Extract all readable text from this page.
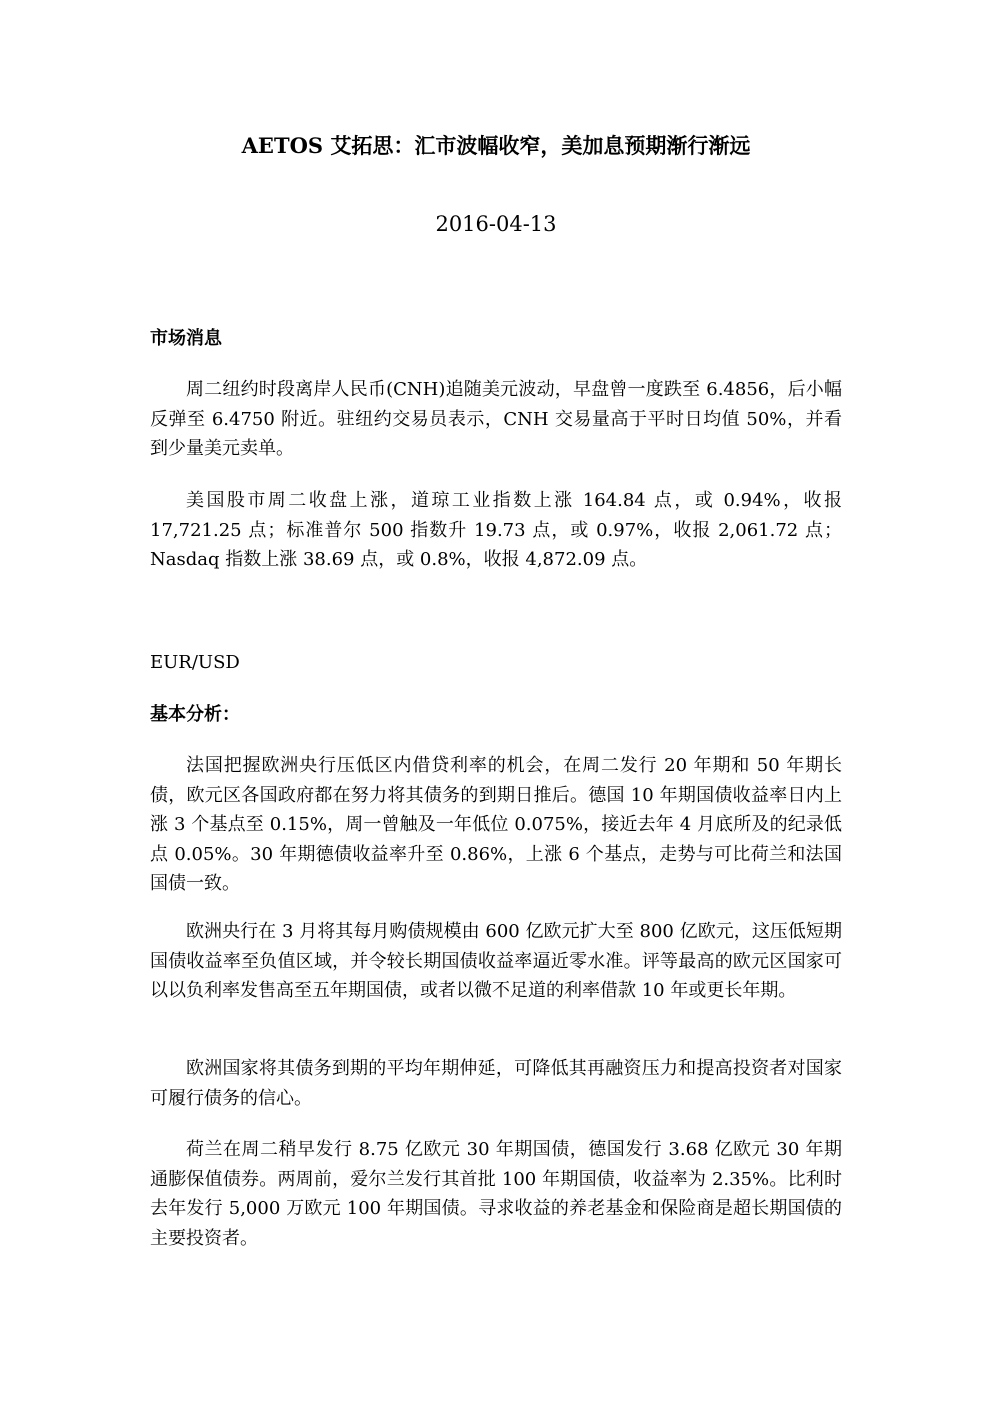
AETOS 艾拓思：汇市波幅收窄，美加息预期渐行渐远
2016-04-13
市场消息

周二纽约时段离岸人民币(CNH)追随美元波动，早盘曾一度跌至 6.4856，后小幅反弹至 6.4750 附近。驻纽约交易员表示，CNH 交易量高于平时日均值 50%，并看到少量美元卖单。

美国股市周二收盘上涨，道琼工业指数上涨 164.84 点，或 0.94%，收报 17,721.25 点；标准普尔 500 指数升 19.73 点，或 0.97%，收报 2,061.72 点；Nasdaq 指数上涨 38.69 点，或 0.8%，收报 4,872.09 点。

EUR/USD
基本分析：

法国把握欧洲央行压低区内借贷利率的机会，在周二发行 20 年期和 50 年期长债，欧元区各国政府都在努力将其债务的到期日推后。德国 10 年期国债收益率日内上涨 3 个基点至 0.15%，周一曾触及一年低位 0.075%，接近去年 4 月底所及的纪录低点 0.05%。30 年期德债收益率升至 0.86%，上涨 6 个基点，走势与可比荷兰和法国国债一致。

欧洲央行在 3 月将其每月购债规模由 600 亿欧元扩大至 800 亿欧元，这压低短期国债收益率至负值区域，并令较长期国债收益率逼近零水准。评等最高的欧元区国家可以以负利率发售高至五年期国债，或者以微不足道的利率借款 10 年或更长年期。

欧洲国家将其债务到期的平均年期伸延，可降低其再融资压力和提高投资者对国家可履行债务的信心。

荷兰在周二稍早发行 8.75 亿欧元 30 年期国债，德国发行 3.68 亿欧元 30 年期通膨保值债券。两周前，爱尔兰发行其首批 100 年期国债，收益率为 2.35%。比利时去年发行 5,000 万欧元 100 年期国债。寻求收益的养老基金和保险商是超长期国债的主要投资者。
